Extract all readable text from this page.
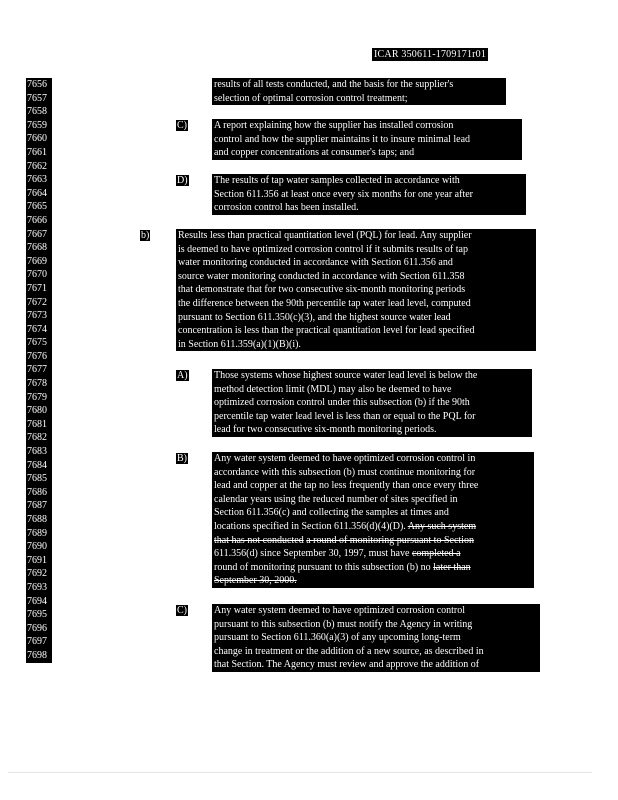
ICAR 350611-1709171r01
7656
7657
7658
7659
7660
7661
7662
7663
7664
7665
7666
7667
7668
7669
7670
7671
7672
7673
7674
7675
7676
7677
7678
7679
7680
7681
7682
7683
7684
7685
7686
7687
7688
7689
7690
7691
7692
7693
7694
7695
7696
7697
7698
results of all tests conducted, and the basis for the supplier's
selection of optimal corrosion control treatment;
C)	A report explaining how the supplier has installed corrosion
control and how the supplier maintains it to insure minimal lead
and copper concentrations at consumer's taps; and
D)	The results of tap water samples collected in accordance with
Section 611.356 at least once every six months for one year after
corrosion control has been installed.
b)	Results less than practical quantitation level (PQL) for lead. Any supplier
is deemed to have optimized corrosion control if it submits results of tap
water monitoring conducted in accordance with Section 611.356 and
source water monitoring conducted in accordance with Section 611.358
that demonstrate that for two consecutive six-month monitoring periods
the difference between the 90th percentile tap water lead level, computed
pursuant to Section 611.350(c)(3), and the highest source water lead
concentration is less than the practical quantitation level for lead specified
in Section 611.359(a)(1)(B)(i).
A)	Those systems whose highest source water lead level is below the
method detection limit (MDL) may also be deemed to have
optimized corrosion control under this subsection (b) if the 90th
percentile tap water lead level is less than or equal to the PQL for
lead for two consecutive six-month monitoring periods.
B)	Any water system deemed to have optimized corrosion control in
accordance with this subsection (b) must continue monitoring for
lead and copper at the tap no less frequently than once every three
calendar years using the reduced number of sites specified in
Section 611.356(c) and collecting the samples at times and
locations specified in Section 611.356(d)(4)(D). Any such system
that has not conducted a round of monitoring pursuant to Section
611.356(d) since September 30, 1997, must have completed a
round of monitoring pursuant to this subsection (b) no later than
September 30, 2000.
C)	Any water system deemed to have optimized corrosion control
pursuant to this subsection (b) must notify the Agency in writing
pursuant to Section 611.360(a)(3) of any upcoming long-term
change in treatment or the addition of a new source, as described in
that Section. The Agency must review and approve the addition of
